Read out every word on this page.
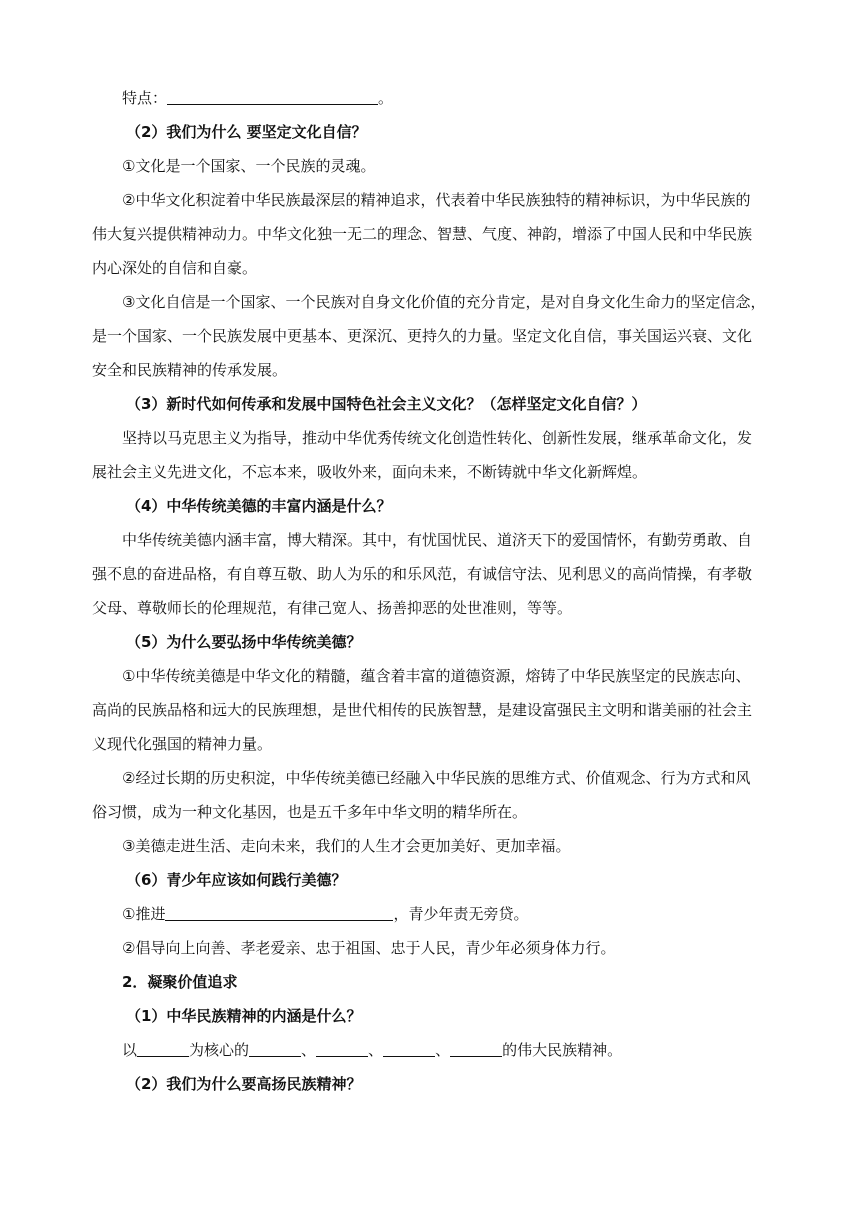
特点：	。
（2）我们为什么 要坚定文化自信？
①文化是一个国家、一个民族的灵魂。
②中华文化积淀着中华民族最深层的精神追求，代表着中华民族独特的精神标识，为中华民族的
伟大复兴提供精神动力。中华文化独一无二的理念、智慧、气度、神韵，增添了中国人民和中华民族
内心深处的自信和自豪。
③文化自信是一个国家、一个民族对自身文化价值的充分肯定，是对自身文化生命力的坚定信念，
是一个国家、一个民族发展中更基本、更深沉、更持久的力量。坚定文化自信，事关国运兴衰、文化
安全和民族精神的传承发展。
（3）新时代如何传承和发展中国特色社会主义文化？（怎样坚定文化自信？）
坚持以马克思主义为指导，推动中华优秀传统文化创造性转化、创新性发展，继承革命文化，发
展社会主义先进文化，不忘本来，吸收外来，面向未来，不断铸就中华文化新辉煌。
（4）中华传统美德的丰富内涵是什么？
中华传统美德内涵丰富，博大精深。其中，有忧国忧民、道济天下的爱国情怀，有勤劳勇敢、自
强不息的奋进品格，有自尊互敬、助人为乐的和乐风范，有诚信守法、见利思义的高尚情操，有孝敬
父母、尊敬师长的伦理规范，有律己宽人、扬善抑恶的处世准则，等等。
（5）为什么要弘扬中华传统美德？
①中华传统美德是中华文化的精髓，蕴含着丰富的道德资源，熔铸了中华民族坚定的民族志向、
高尚的民族品格和远大的民族理想，是世代相传的民族智慧，是建设富强民主文明和谐美丽的社会主
义现代化强国的精神力量。
②经过长期的历史积淀，中华传统美德已经融入中华民族的思维方式、价值观念、行为方式和风
俗习惯，成为一种文化基因，也是五千多年中华文明的精华所在。
③美德走进生活、走向未来，我们的人生才会更加美好、更加幸福。
（6）青少年应该如何践行美德？
①推进	，青少年责无旁贷。
②倡导向上向善、孝老爱亲、忠于祖国、忠于人民，青少年必须身体力行。
2．凝聚价值追求
（1）中华民族精神的内涵是什么？
以	为核心的	、	、	、	的伟大民族精神。
（2）我们为什么要高扬民族精神？
